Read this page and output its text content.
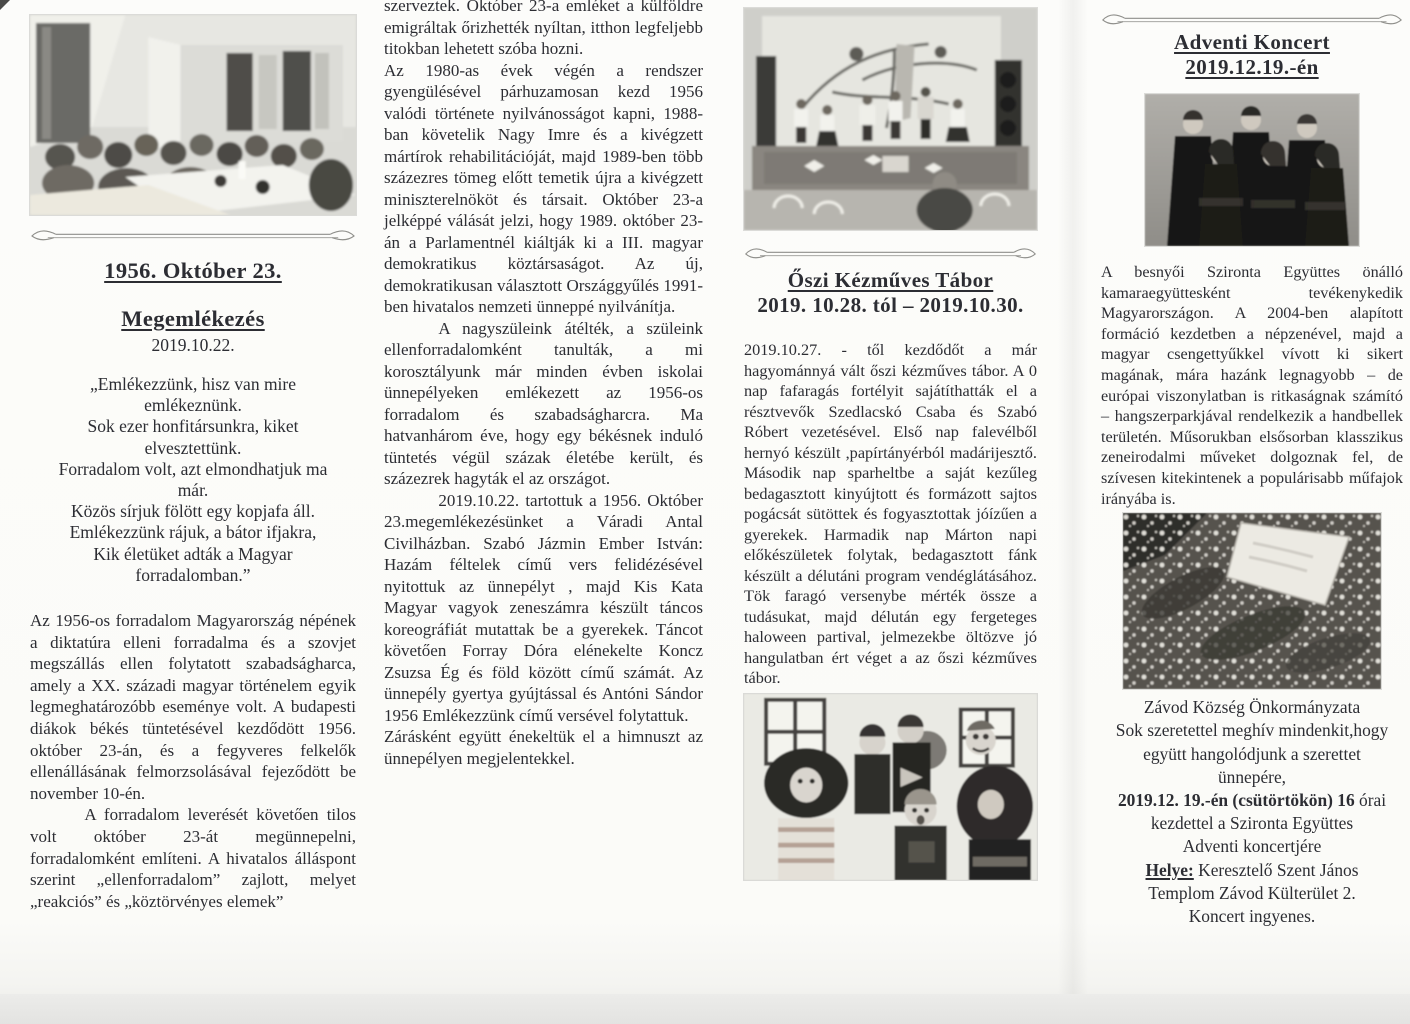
1956. Október 23.
Megemlékezés
2019.10.22.
„Emlékezzünk, hisz van mire
emlékeznünk.
Sok ezer honfitársunkra, kiket
elvesztettünk.
Forradalom volt, azt elmondhatjuk ma
már.
Közös sírjuk fölött egy kopjafa áll.
Emlékezzünk rájuk, a bátor ifjakra,
Kik életüket adták a Magyar
forradalomban.”

Az 1956-os forradalom Magyarország népének a diktatúra elleni forradalma és a szovjet megszállás ellen folytatott szabadságharca, amely a XX. századi magyar történelem egyik legmeghatározóbb eseménye volt. A budapesti diákok békés tüntetésével kezdődött 1956. október 23-án, és a fegyveres felkelők ellenállásának felmorzsolásával fejeződött be november 10-én.

A forradalom leverését követően tilos volt október 23-át megünnepelni, forradalomként említeni. A hivatalos álláspont szerint „ellenforradalom” zajlott, melyet „reakciós” és „köztörvényes elemek”

szerveztek. Október 23-a emléket a külföldre emigráltak őrizhették nyíltan, itthon legfeljebb titokban lehetett szóba hozni.

Az 1980-as évek végén a rendszer gyengülésével párhuzamosan kezd 1956 valódi története nyilvánosságot kapni, 1988-ban követelik Nagy Imre és a kivégzett mártírok rehabilitációját, majd 1989-ben több százezres tömeg előtt temetik újra a kivégzett miniszterelnököt és társait. Október 23-a jelképpé válását jelzi, hogy 1989. október 23-án a Parlamentnél kiáltják ki a III. magyar demokratikus köztársaságot. Az új, demokratikusan választott Országgyűlés 1991-ben hivatalos nemzeti ünneppé nyilvánítja.

A nagyszüleink átélték, a szüleink ellenforradalomként tanulták, a mi korosztályunk már minden évben iskolai ünnepélyeken emlékezett az 1956-os forradalom és szabadságharcra. Ma hatvanhárom éve, hogy egy békésnek induló tüntetés végül százak életébe került, és százezrek hagyták el az országot.

2019.10.22. tartottuk a 1956. Október 23.megemlékezésünket a Váradi Antal Civilházban. Szabó Jázmin Ember István: Hazám féltelek című vers felidézésével nyitottuk az ünnepélyt , majd Kis Kata Magyar vagyok zeneszámra készült táncos koreográfiát mutattak be a gyerekek. Táncot követően Forray Dóra elénekelte Koncz Zsuzsa Ég és föld között című számát. Az ünnepély gyertya gyújtással és Antóni Sándor 1956 Emlékezzünk című versével folytattuk.

Zárásként együtt énekeltük el a himnuszt az ünnepélyen megjelentekkel.

Őszi Kézműves Tábor
2019. 10.28. tól – 2019.10.30.

2019.10.27. - től kezdődőt a már hagyománnyá vált őszi kézműves tábor. A 0 nap fafaragás fortélyit sajátíthatták el a résztvevők Szedlacskó Csaba és Szabó Róbert vezetésével. Első nap falevélből hernyó készült ,papírtányérból madárijesztő. Második nap sparheltbe a saját kezűleg bedagasztott kinyújtott és formázott sajtos pogácsát sütöttek és fogyasztottak jóízűen a gyerekek. Harmadik nap Márton napi előkészületek folytak, bedagasztott fánk készült a délutáni program vendéglátásához. Tök faragó versenybe mérték össze a tudásukat, majd délután egy fergeteges haloween partival, jelmezekbe öltözve jó hangulatban ért véget a az őszi kézműves tábor.

Adventi Koncert
2019.12.19.-én

A besnyői Szironta Együttes önálló kamaraegyüttesként tevékenykedik Magyarországon. A 2004-ben alapított formáció kezdetben a népzenével, majd a magyar csengettyűkkel vívott ki sikert magának, mára hazánk legnagyobb – de európai viszonylatban is ritkaságnak számító – hangszerparkjával rendelkezik a handbellek területén. Műsorukban elsősorban klasszikus zeneirodalmi műveket dolgoznak fel, de szívesen kitekintenek a populárisabb műfajok irányába is.

Závod Község Önkormányzata
Sok szeretettel meghív mindenkit,hogy
együtt hangolódjunk a szerettet
ünnepére,
2019.12. 19.-én (csütörtökön) 16 órai
kezdettel a Szironta Együttes
Adventi koncertjére
Helye: Keresztelő Szent János
Templom Závod Külterület 2.
Koncert ingyenes.
